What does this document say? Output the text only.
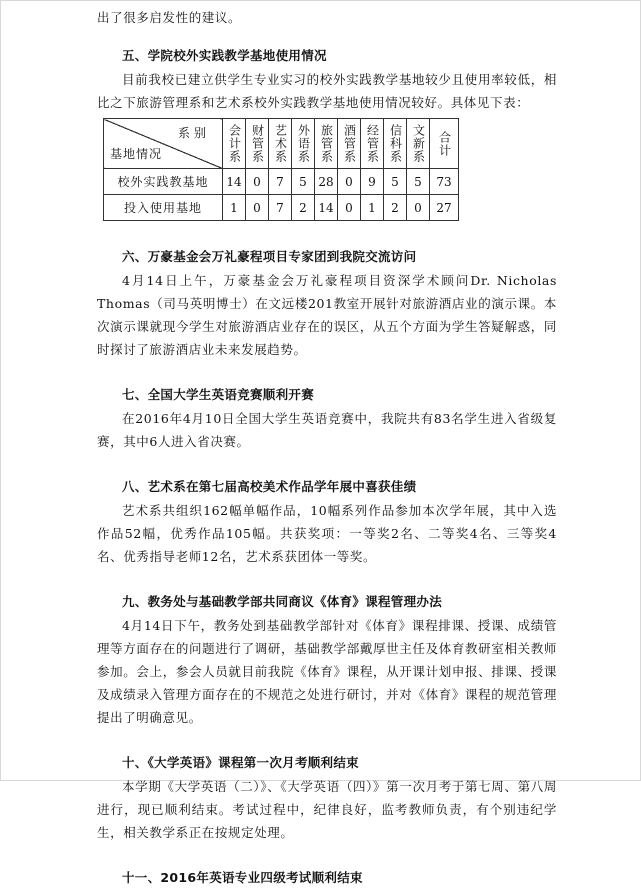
出了很多启发性的建议。

五、学院校外实践教学基地使用情况

目前我校已建立供学生专业实习的校外实践教学基地较少且使用率较低，相比之下旅游管理系和艺术系校外实践教学基地使用情况较好。具体见下表：

系别
基地情况	会计系	财管系	艺术系	外语系	旅管系	酒管系	经管系	信科系	文新系	合计
校外实践教基地	14	0	7	5	28	0	9	5	5	73
投入使用基地	1	0	7	2	14	0	1	2	0	27

六、万豪基金会万礼豪程项目专家团到我院交流访问

4月14日上午，万豪基金会万礼豪程项目资深学术顾问Dr. Nicholas Thomas（司马英明博士）在文远楼201教室开展针对旅游酒店业的演示课。本次演示课就现今学生对旅游酒店业存在的误区，从五个方面为学生答疑解惑，同时探讨了旅游酒店业未来发展趋势。

七、全国大学生英语竞赛顺利开赛

在2016年4月10日全国大学生英语竞赛中，我院共有83名学生进入省级复赛，其中6人进入省决赛。

八、艺术系在第七届高校美术作品学年展中喜获佳绩

艺术系共组织162幅单幅作品，10幅系列作品参加本次学年展，其中入选作品52幅，优秀作品105幅。共获奖项：一等奖2名、二等奖4名、三等奖4名、优秀指导老师12名，艺术系获团体一等奖。

九、教务处与基础教学部共同商议《体育》课程管理办法

4月14日下午，教务处到基础教学部针对《体育》课程排课、授课、成绩管理等方面存在的问题进行了调研，基础教学部戴厚世主任及体育教研室相关教师参加。会上，参会人员就目前我院《体育》课程，从开课计划申报、排课、授课及成绩录入管理方面存在的不规范之处进行研讨，并对《体育》课程的规范管理提出了明确意见。

十、《大学英语》课程第一次月考顺利结束

本学期《大学英语（二）》、《大学英语（四）》第一次月考于第七周、第八周进行，现已顺利结束。考试过程中，纪律良好，监考教师负责，有个别违纪学生，相关教学系正在按规定处理。

十一、2016年英语专业四级考试顺利结束
